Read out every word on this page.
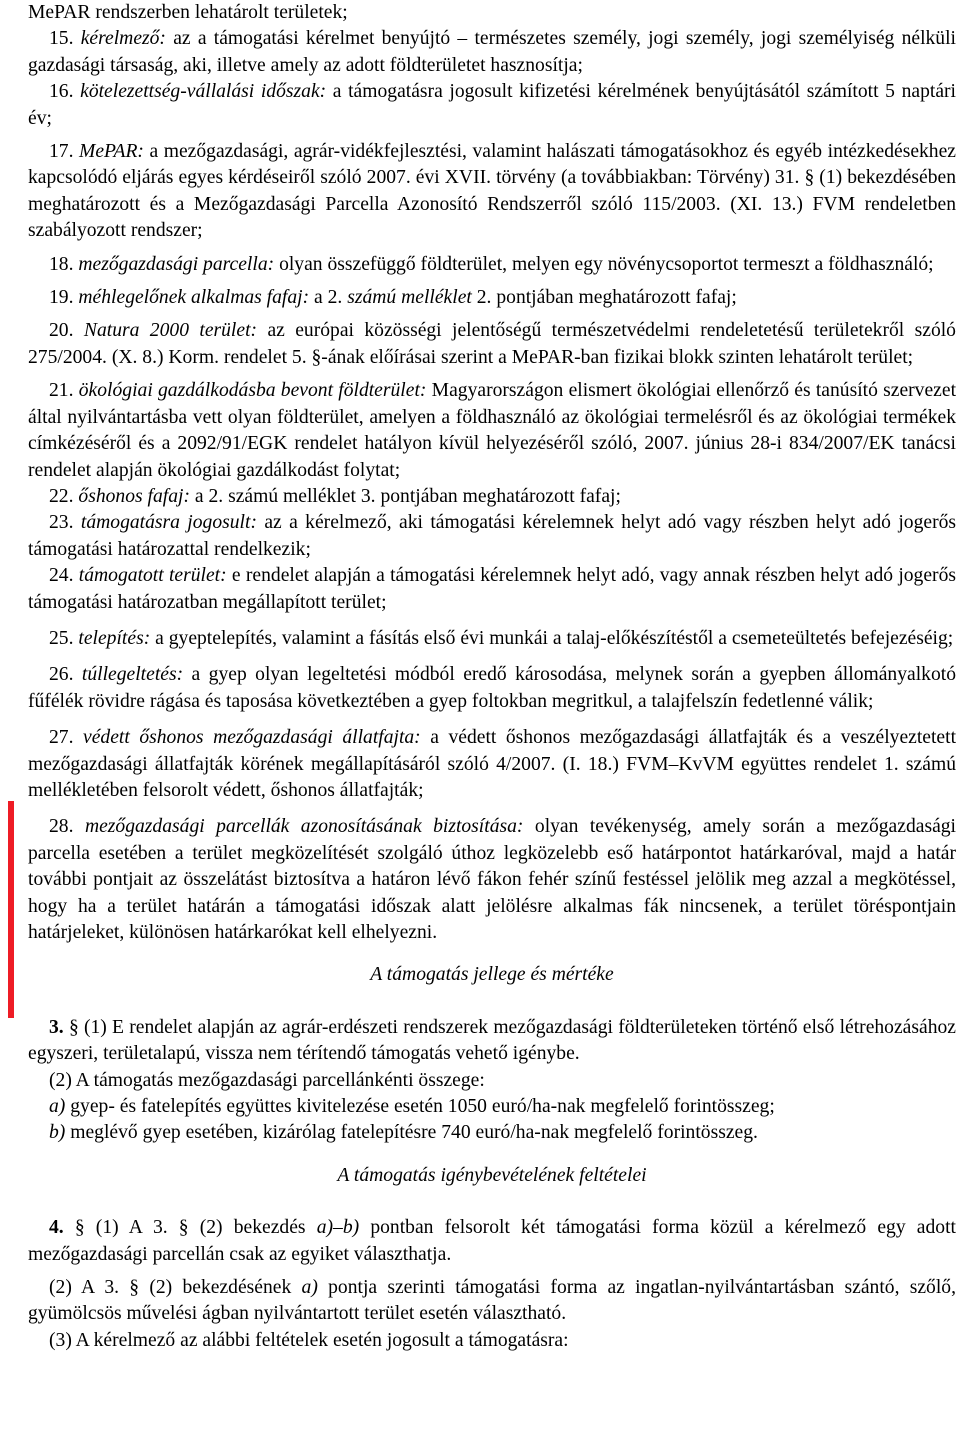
MePAR rendszerben lehatárolt területek;

15. kérelmező: az a támogatási kérelmet benyújtó – természetes személy, jogi személy, jogi személyiség nélküli gazdasági társaság, aki, illetve amely az adott földterületet hasznosítja;

16. kötelezettség-vállalási időszak: a támogatásra jogosult kifizetési kérelmének benyújtásától számított 5 naptári év;

17. MePAR: a mezőgazdasági, agrár-vidékfejlesztési, valamint halászati támogatásokhoz és egyéb intézkedésekhez kapcsolódó eljárás egyes kérdéseiről szóló 2007. évi XVII. törvény (a továbbiakban: Törvény) 31. § (1) bekezdésében meghatározott és a Mezőgazdasági Parcella Azonosító Rendszerről szóló 115/2003. (XI. 13.) FVM rendeletben szabályozott rendszer;

18. mezőgazdasági parcella: olyan összefüggő földterület, melyen egy növénycsoportot termeszt a földhasználó;

19. méhlegelőnek alkalmas fafaj: a 2. számú melléklet 2. pontjában meghatározott fafaj;

20. Natura 2000 terület: az európai közösségi jelentőségű természetvédelmi rendeletetésű területekről szóló 275/2004. (X. 8.) Korm. rendelet 5. §-ának előírásai szerint a MePAR-ban fizikai blokk szinten lehatárolt terület;

21. ökológiai gazdálkodásba bevont földterület: Magyarországon elismert ökológiai ellenőrző és tanúsító szervezet által nyilvántartásba vett olyan földterület, amelyen a földhasználó az ökológiai termelésről és az ökológiai termékek címkézéséről és a 2092/91/EGK rendelet hatályon kívül helyezéséről szóló, 2007. június 28-i 834/2007/EK tanácsi rendelet alapján ökológiai gazdálkodást folytat;

22. őshonos fafaj: a 2. számú melléklet 3. pontjában meghatározott fafaj;

23. támogatásra jogosult: az a kérelmező, aki támogatási kérelemnek helyt adó vagy részben helyt adó jogerős támogatási határozattal rendelkezik;

24. támogatott terület: e rendelet alapján a támogatási kérelemnek helyt adó, vagy annak részben helyt adó jogerős támogatási határozatban megállapított terület;

25. telepítés: a gyeptelepítés, valamint a fásítás első évi munkái a talaj-előkészítéstől a csemeteültetés befejezéséig;

26. túllegeltetés: a gyep olyan legeltetési módból eredő károsodása, melynek során a gyepben állományalkotó fűfélék rövidre rágása és taposása következtében a gyep foltokban megritkul, a talajfelszín fedetlenné válik;

27. védett őshonos mezőgazdasági állatfajta: a védett őshonos mezőgazdasági állatfajták és a veszélyeztetett mezőgazdasági állatfajták körének megállapításáról szóló 4/2007. (I. 18.) FVM–KvVM együttes rendelet 1. számú mellékletében felsorolt védett, őshonos állatfajták;

28. mezőgazdasági parcellák azonosításának biztosítása: olyan tevékenység, amely során a mezőgazdasági parcella esetében a terület megközelítését szolgáló úthoz legközelebb eső határpontot határkaróval, majd a határ további pontjait az összelátást biztosítva a határon lévő fákon fehér színű festéssel jelölik meg azzal a megkötéssel, hogy ha a terület határán a támogatási időszak alatt jelölésre alkalmas fák nincsenek, a terület töréspontjain határjeleket, különösen határkarókat kell elhelyezni.

A támogatás jellege és mértéke

3. § (1) E rendelet alapján az agrár-erdészeti rendszerek mezőgazdasági földterületeken történő első létrehozásához egyszeri, területalapú, vissza nem térítendő támogatás vehető igénybe.

(2) A támogatás mezőgazdasági parcellánkénti összege:

a) gyep- és fatelepítés együttes kivitelezése esetén 1050 euró/ha-nak megfelelő forintösszeg;

b) meglévő gyep esetében, kizárólag fatelepítésre 740 euró/ha-nak megfelelő forintösszeg.

A támogatás igénybevételének feltételei

4. § (1) A 3. § (2) bekezdés a)–b) pontban felsorolt két támogatási forma közül a kérelmező egy adott mezőgazdasági parcellán csak az egyiket választhatja.

(2) A 3. § (2) bekezdésének a) pontja szerinti támogatási forma az ingatlan-nyilvántartásban szántó, szőlő, gyümölcsös művelési ágban nyilvántartott terület esetén választható.

(3) A kérelmező az alábbi feltételek esetén jogosult a támogatásra:
